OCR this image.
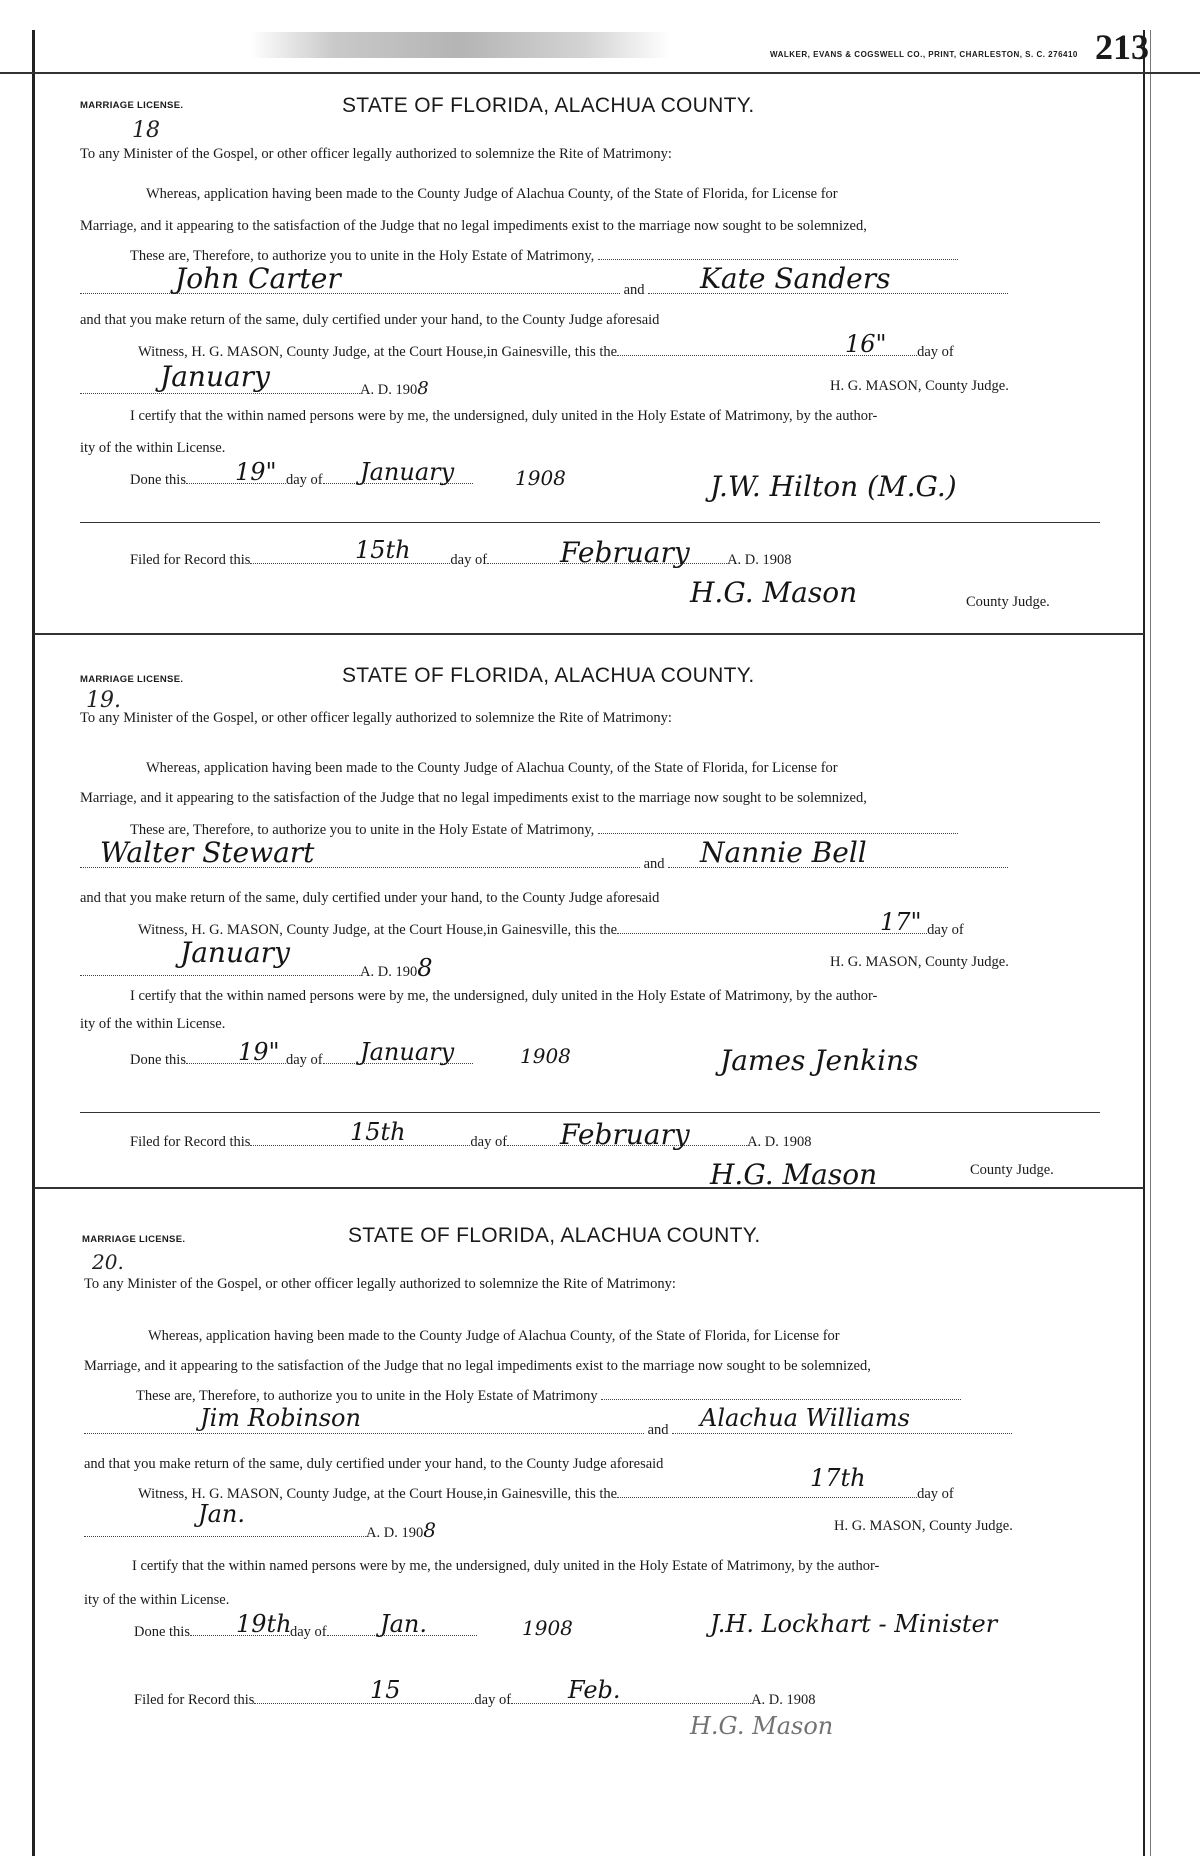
WALKER, EVANS & COGSWELL CO., PRINT, CHARLESTON, S. C. 276410 213
MARRIAGE LICENSE.	STATE OF FLORIDA, ALACHUA COUNTY.
18
To any Minister of the Gospel, or other officer legally authorized to solemnize the Rite of Matrimony:
Whereas, application having been made to the County Judge of Alachua County, of the State of Florida, for License for
Marriage, and it appearing to the satisfaction of the Judge that no legal impediments exist to the marriage now sought to be solemnized,
These are, Therefore, to authorize you to unite in the Holy Estate of Matrimony,
and
John Carter	Kate Sanders
and that you make return of the same, duly certified under your hand, to the County Judge aforesaid
Witness, H. G. MASON, County Judge, at the Court House,in Gainesville, this the	day of
16"
A. D. 1908
January	H. G. MASON, County Judge.
I certify that the within named persons were by me, the undersigned, duly united in the Holy Estate of Matrimony, by the author-
ity of the within License.
Done this	day of
19"	January	1908	J.W. Hilton (M.G.)
Filed for Record this	day of	A. D. 1908
15th	February
H.G. Mason	County Judge.
MARRIAGE LICENSE.	STATE OF FLORIDA, ALACHUA COUNTY.
19.
To any Minister of the Gospel, or other officer legally authorized to solemnize the Rite of Matrimony:
Whereas, application having been made to the County Judge of Alachua County, of the State of Florida, for License for
Marriage, and it appearing to the satisfaction of the Judge that no legal impediments exist to the marriage now sought to be solemnized,
These are, Therefore, to authorize you to unite in the Holy Estate of Matrimony,
and
Walter Stewart	Nannie Bell
and that you make return of the same, duly certified under your hand, to the County Judge aforesaid
Witness, H. G. MASON, County Judge, at the Court House,in Gainesville, this the	day of
17"
A. D. 1908
January	H. G. MASON, County Judge.
I certify that the within named persons were by me, the undersigned, duly united in the Holy Estate of Matrimony, by the author-
ity of the within License.
Done this	day of
19"	January	1908	James Jenkins
Filed for Record this	day of	A. D. 1908
15th	February
H.G. Mason	County Judge.
MARRIAGE LICENSE.	STATE OF FLORIDA, ALACHUA COUNTY.
20.
To any Minister of the Gospel, or other officer legally authorized to solemnize the Rite of Matrimony:
Whereas, application having been made to the County Judge of Alachua County, of the State of Florida, for License for
Marriage, and it appearing to the satisfaction of the Judge that no legal impediments exist to the marriage now sought to be solemnized,
These are, Therefore, to authorize you to unite in the Holy Estate of Matrimony
and
Jim Robinson	Alachua Williams
and that you make return of the same, duly certified under your hand, to the County Judge aforesaid
Witness, H. G. MASON, County Judge, at the Court House,in Gainesville, this the	day of
17th
A. D. 1908
Jan.	H. G. MASON, County Judge.
I certify that the within named persons were by me, the undersigned, duly united in the Holy Estate of Matrimony, by the author-
ity of the within License.
Done this	day of
19th	Jan.	1908	J.H. Lockhart - Minister
Filed for Record this	day of	A. D. 1908
15	Feb.
H.G. Mason
